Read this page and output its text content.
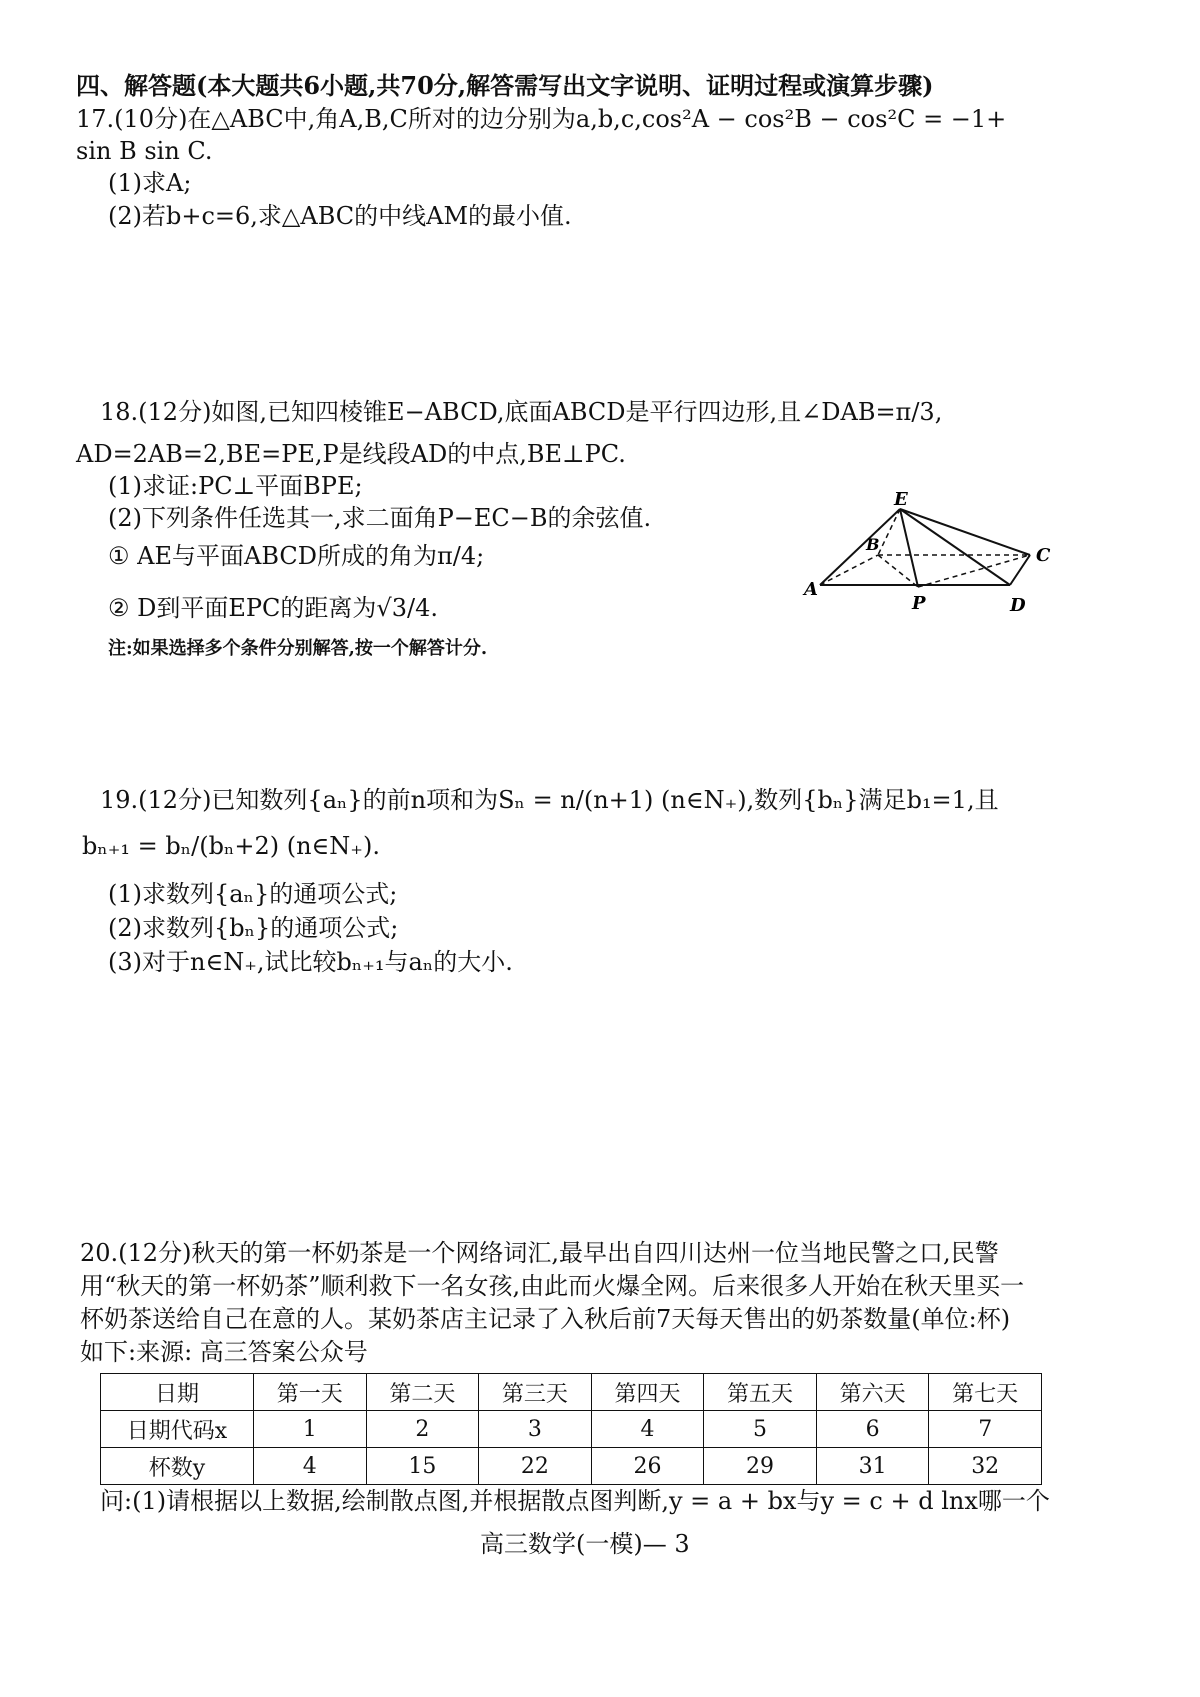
四、解答题(本大题共6小题,共70分,解答需写出文字说明、证明过程或演算步骤)
17.(10分)在△ABC中,角A,B,C所对的边分别为a,b,c,cos²A − cos²B − cos²C = −1+
sin B sin C.
(1)求A;
(2)若b+c=6,求△ABC的中线AM的最小值.
18.(12分)如图,已知四棱锥E−ABCD,底面ABCD是平行四边形,且∠DAB=π/3,
AD=2AB=2,BE=PE,P是线段AD的中点,BE⊥PC.
(1)求证:PC⊥平面BPE;
(2)下列条件任选其一,求二面角P−EC−B的余弦值.
① AE与平面ABCD所成的角为π/4;
② D到平面EPC的距离为√3/4.
注:如果选择多个条件分别解答,按一个解答计分.
E
B
C
A
P	D
19.(12分)已知数列{aₙ}的前n项和为Sₙ = n/(n+1) (n∈N₊),数列{bₙ}满足b₁=1,且
bₙ₊₁ = bₙ/(bₙ+2) (n∈N₊).
(1)求数列{aₙ}的通项公式;
(2)求数列{bₙ}的通项公式;
(3)对于n∈N₊,试比较bₙ₊₁与aₙ的大小.
20.(12分)秋天的第一杯奶茶是一个网络词汇,最早出自四川达州一位当地民警之口,民警
用“秋天的第一杯奶茶”顺利救下一名女孩,由此而火爆全网。后来很多人开始在秋天里买一
杯奶茶送给自己在意的人。某奶茶店主记录了入秋后前7天每天售出的奶茶数量(单位:杯)
如下:来源: 高三答案公众号
日期	第一天	第二天	第三天	第四天	第五天	第六天	第七天
日期代码x	1	2	3	4	5	6	7
杯数y	4	15	22	26	29	31	32
问:(1)请根据以上数据,绘制散点图,并根据散点图判断,y = a + bx与y = c + d lnx哪一个
高三数学(一模)— 3
